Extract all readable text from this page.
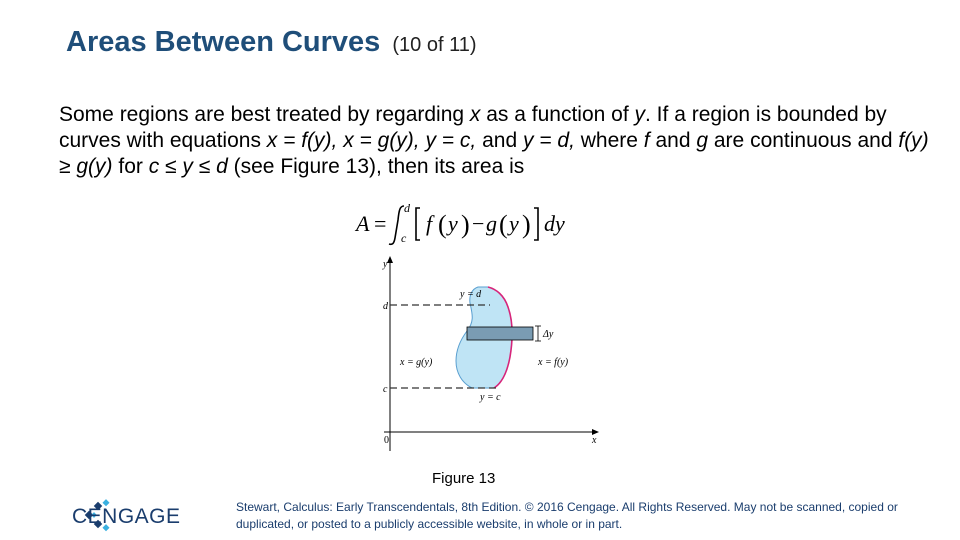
Areas Between Curves (10 of 11)

Some regions are best treated by regarding x as a function of y. If a region is bounded by curves with equations x = f(y), x = g(y), y = c, and y = d, where f and g are continuous and f(y) ≥ g(y) for c ≤ y ≤ d (see Figure 13), then its area is

A =
d
c
f ( y ) − g ( y ) dy
y
x
0
d
c
y = d
y = c
x = g(y)	x = f(y)
Δy
Figure 13
CENGAGE	Stewart, Calculus: Early Transcendentals, 8th Edition. © 2016 Cengage. All Rights Reserved. May not be scanned, copied or duplicated, or posted to a publicly accessible website, in whole or in part.
